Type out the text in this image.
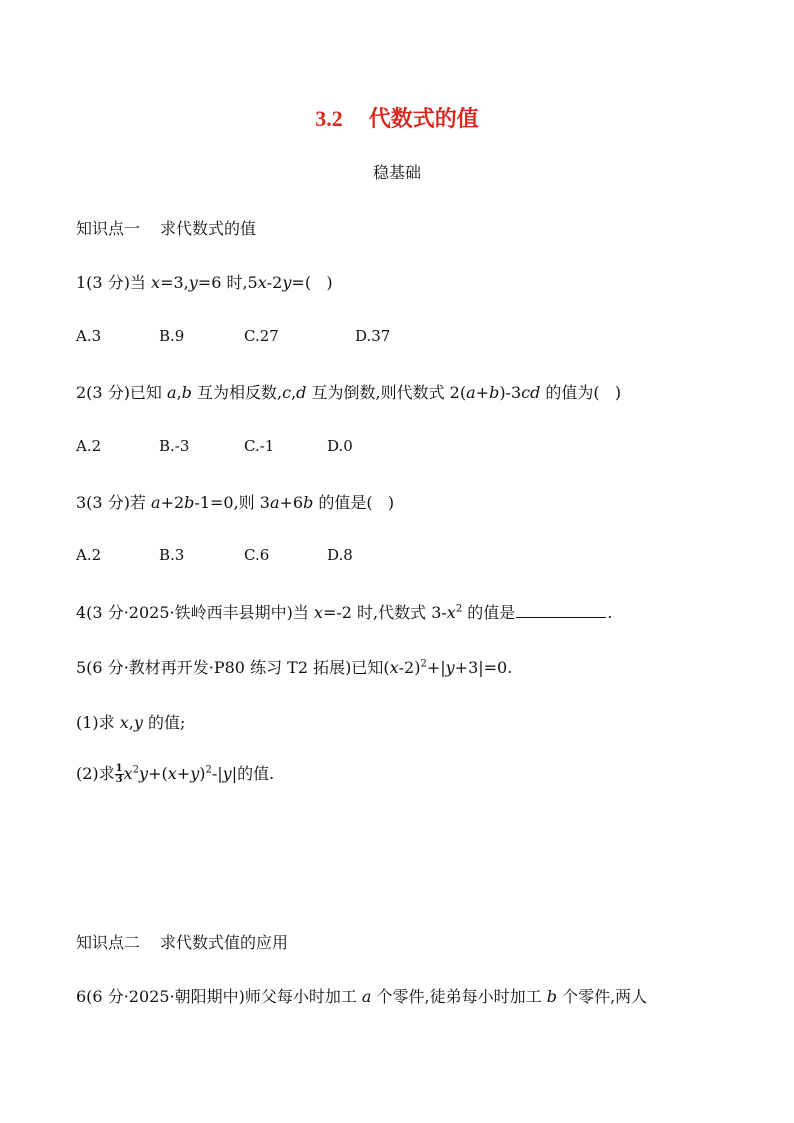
3.2 代数式的值
稳基础
知识点一 求代数式的值
1(3 分)当 x=3,y=6 时,5x-2y=(   )
A.3	B.9	C.27	D.37
2(3 分)已知 a,b 互为相反数,c,d 互为倒数,则代数式 2(a+b)-3cd 的值为(   )
A.2	B.-3	C.-1	D.0
3(3 分)若 a+2b-1=0,则 3a+6b 的值是(   )
A.2	B.3	C.6	D.8
4(3 分·2025·铁岭西丰县期中)当 x=-2 时,代数式 $3-x^2$ 的值是	.
5(6 分·教材再开发·P80 练习 T2 拓展)已知$(x-2)^2+|y+3|=0$.
(1)求 x,y 的值;
(2)求 $\frac{1}{3} x^2y+(x+y)^2-|y|$的值.
知识点二 求代数式值的应用
6(6 分·2025·朝阳期中)师父每小时加工 a 个零件,徒弟每小时加工 b 个零件,两人
